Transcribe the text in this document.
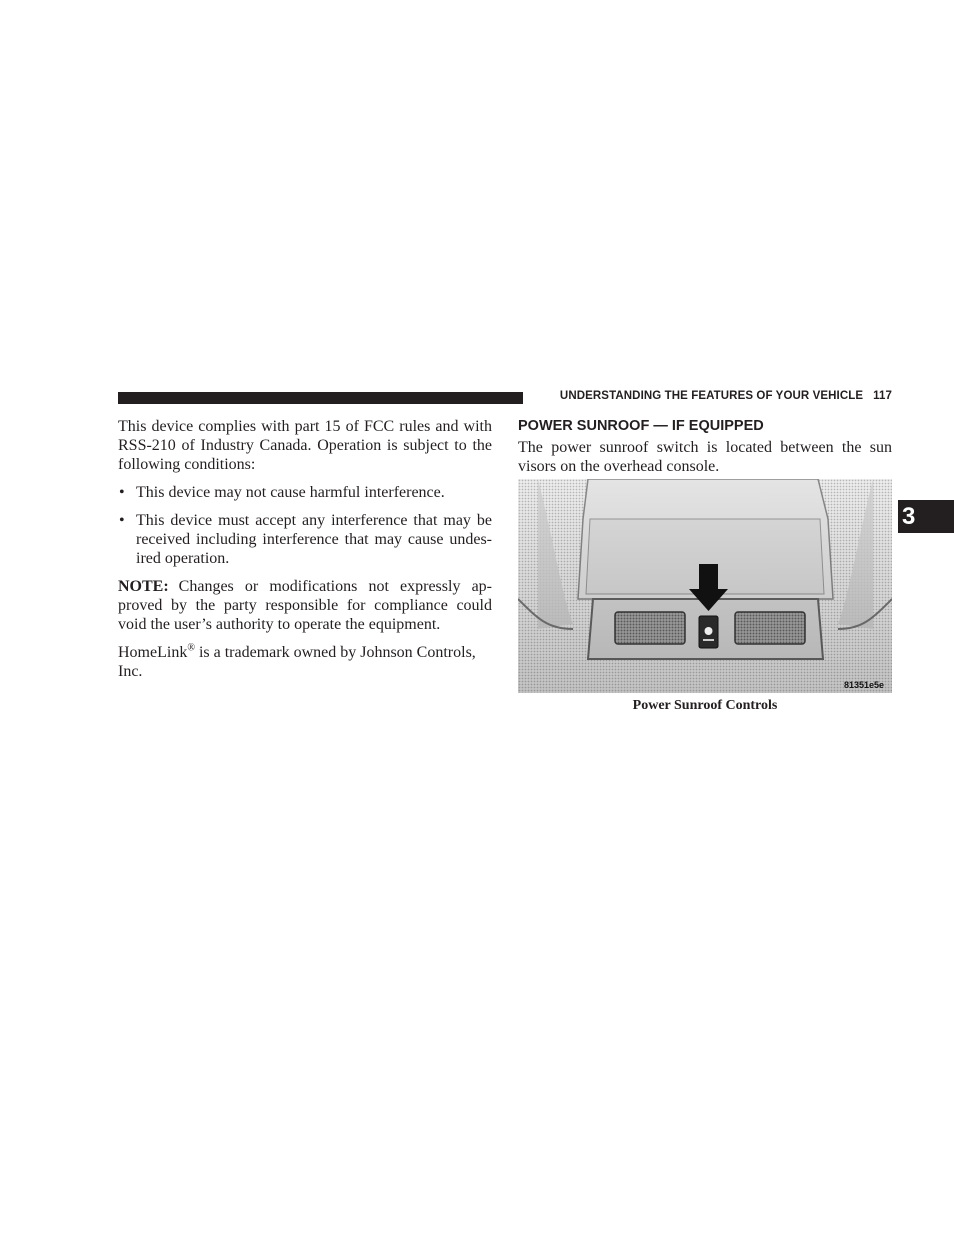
UNDERSTANDING THE FEATURES OF YOUR VEHICLE 117
3

This device complies with part 15 of FCC rules and with RSS-210 of Industry Canada. Operation is subject to the following conditions:

• This device may not cause harmful interference.
• This device must accept any interference that may be received including interference that may cause undes-ired operation.

NOTE: Changes or modifications not expressly ap-proved by the party responsible for compliance could void the user’s authority to operate the equipment.

HomeLink® is a trademark owned by Johnson Controls, Inc.

POWER SUNROOF — IF EQUIPPED

The power sunroof switch is located between the sun visors on the overhead console.

81351e5e
Power Sunroof Controls
